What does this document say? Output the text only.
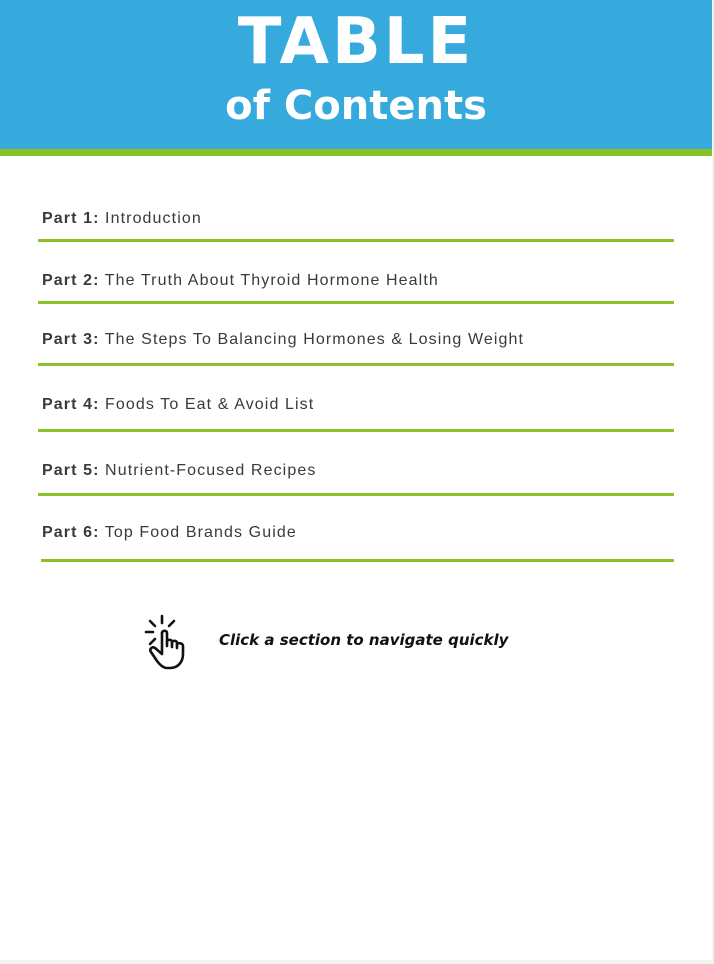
TABLE
of Contents
Part 1: Introduction
Part 2: The Truth About Thyroid Hormone Health
Part 3: The Steps To Balancing Hormones & Losing Weight
Part 4: Foods To Eat & Avoid List
Part 5: Nutrient-Focused Recipes
Part 6: Top Food Brands Guide
Click a section to navigate quickly
